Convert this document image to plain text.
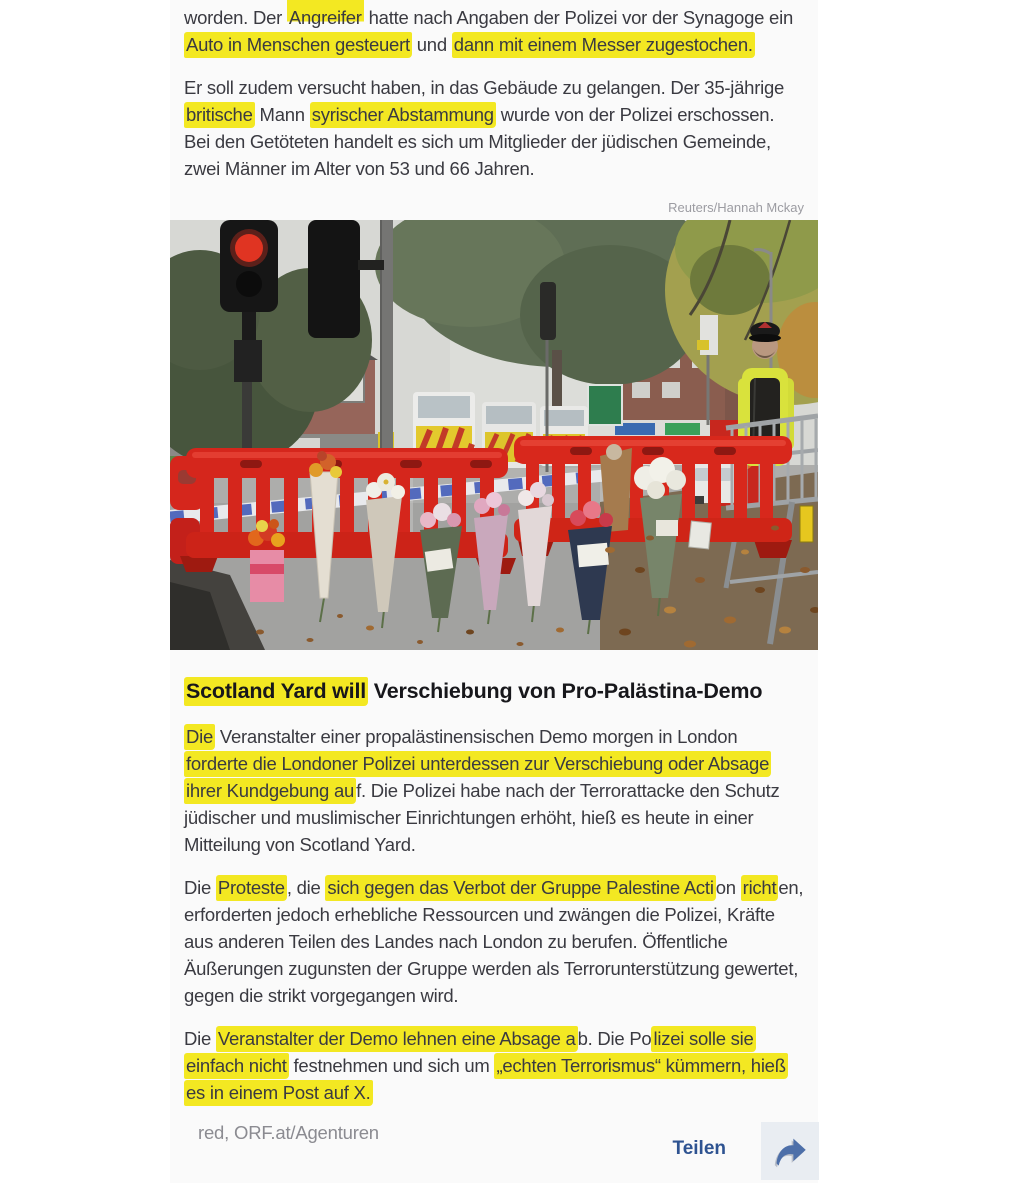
worden. Der Angreifer hatte nach Angaben der Polizei vor der Synagoge ein Auto in Menschen gesteuert und dann mit einem Messer zugestochen.

Er soll zudem versucht haben, in das Gebäude zu gelangen. Der 35-jährige britische Mann syrischer Abstammung wurde von der Polizei erschossen. Bei den Getöteten handelt es sich um Mitglieder der jüdischen Gemeinde, zwei Männer im Alter von 53 und 66 Jahren.

Reuters/Hannah Mckay
Scotland Yard will Verschiebung von Pro-Palästina-Demo

Die Veranstalter einer propalästinensischen Demo morgen in London forderte die Londoner Polizei unterdessen zur Verschiebung oder Absage ihrer Kundgebung au f. Die Polizei habe nach der Terrorattacke den Schutz jüdischer und muslimischer Einrichtungen erhöht, hieß es heute in einer Mitteilung von Scotland Yard.

Die Proteste , die sich gegen das Verbot der Gruppe Palestine Acti on richt en, erforderten jedoch erhebliche Ressourcen und zwängen die Polizei, Kräfte aus anderen Teilen des Landes nach London zu berufen. Öffentliche Äußerungen zugunsten der Gruppe werden als Terrorunterstützung gewertet, gegen die strikt vorgegangen wird.

Die Veranstalter der Demo lehnen eine Absage a b. Die Po lizei solle sie einfach nicht festnehmen und sich um „echten Terrorismus“ kümmern, hieß es in einem Post auf X.

red, ORF.at/Agenturen
Teilen
